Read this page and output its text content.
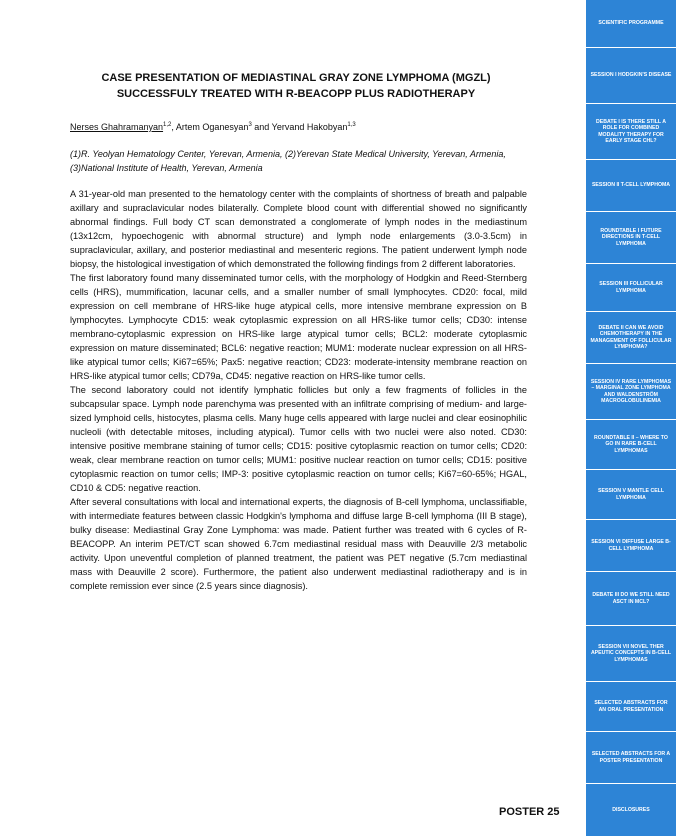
CASE PRESENTATION OF MEDIASTINAL GRAY ZONE LYMPHOMA (MGZL)
SUCCESSFULY TREATED WITH R-BEACOPP PLUS RADIOTHERAPY
Nerses Ghahramanyan$^{1,2}$, Artem Oganesyan$^3$ and Yervand Hakobyan$^{1,3}$
(1)R. Yeolyan Hematology Center, Yerevan, Armenia, (2)Yerevan State Medical University, Yerevan, Armenia, (3)National Institute of Health, Yerevan, Armenia

A 31-year-old man presented to the hematology center with the complaints of shortness of breath and palpable axillary and supraclavicular nodes bilaterally. Complete blood count with differential showed no significantly abnormal findings. Full body CT scan demonstrated a conglomerate of lymph nodes in the mediastinum (13x12cm, hypoechogenic with abnormal structure) and lymph node enlargements (3.0-3.5cm) in supraclavicular, axillary, and posterior mediastinal and mesenteric regions. The patient underwent lymph node biopsy, the histological investigation of which demonstrated the following findings from 2 different laboratories.

The first laboratory found many disseminated tumor cells, with the morphology of Hodgkin and Reed-Sternberg cells (HRS), mummification, lacunar cells, and a smaller number of small lymphocytes. CD20: focal, mild expression on cell membrane of HRS-like huge atypical cells, more intensive membrane expression on B lymphocytes. Lymphocyte CD15: weak cytoplasmic expression on all HRS-like tumor cells; CD30: intense membrano-cytoplasmic expression on HRS-like large atypical tumor cells; BCL2: moderate cytoplasmic expression on mature disseminated; BCL6: negative reaction; MUM1: moderate nuclear expression on all HRS-like atypical tumor cells; Ki67=65%; Pax5: negative reaction; CD23: moderate-intensity membrane reaction on HRS-like atypical tumor cells; CD79a, CD45: negative reaction on HRS-like tumor cells.

The second laboratory could not identify lymphatic follicles but only a few fragments of follicles in the subcapsular space. Lymph node parenchyma was presented with an infiltrate comprising of medium- and large-sized lymphoid cells, histocytes, plasma cells. Many huge cells appeared with large nuclei and clear eosinophilic nucleoli (with detectable mitoses, including atypical). Tumor cells with two nuclei were also noted. CD30: intensive positive membrane staining of tumor cells; CD15: positive cytoplasmic reaction on tumor cells; CD20: weak, clear membrane reaction on tumor cells; MUM1: positive nuclear reaction on tumor cells; CD15: positive cytoplasmic reaction on tumor cells; IMP-3: positive cytoplasmic reaction on tumor cells; Ki67=60-65%; HGAL, CD10 & CD5: negative reaction.

After several consultations with local and international experts, the diagnosis of B-cell lymphoma, unclassifiable, with intermediate features between classic Hodgkin's lymphoma and diffuse large B-cell lymphoma (III B stage), bulky disease: Mediastinal Gray Zone Lymphoma: was made. Patient further was treated with 6 cycles of R-BEACOPP. An interim PET/CT scan showed 6.7cm mediastinal residual mass with Deauville 2/3 metabolic activity. Upon uneventful completion of planned treatment, the patient was PET negative (5.7cm mediastinal mass with Deauville 2 score). Furthermore, the patient also underwent mediastinal radiotherapy and is in complete remission ever since (2.5 years since diagnosis).

POSTER 25
SCIENTIFIC PROGRAMME
SESSION I HODGKIN'S DISEASE
DEBATE I IS THERE STILL A ROLE FOR COMBINED MODALITY THERAPY FOR EARLY STAGE CHL?
SESSION II T-CELL LYMPHOMA
ROUNDTABLE I FUTURE DIRECTIONS IN T-CELL LYMPHOMA
SESSION III FOLLICULAR LYMPHOMA
DEBATE II CAN WE AVOID CHEMOTHERAPY IN THE MANAGEMENT OF FOLLICULAR LYMPHOMA?
SESSION IV RARE LYMPHOMAS – MARGINAL ZONE LYMPHOMA AND WALDENSTRÖM MACROGLOBULINEMIA
ROUNDTABLE II – WHERE TO GO IN RARE B-CELL LYMPHOMAS
SESSION V MANTLE CELL LYMPHOMA
SESSION VI DIFFUSE LARGE B-CELL LYMPHOMA
DEBATE III DO WE STILL NEED ASCT IN MCL?
SESSION VII NOVEL THER APEUTIC CONCEPTS IN B-CELL LYMPHOMAS
SELECTED ABSTRACTS FOR AN ORAL PRESENTATION
SELECTED ABSTRACTS FOR A POSTER PRESENTATION
DISCLOSURES
